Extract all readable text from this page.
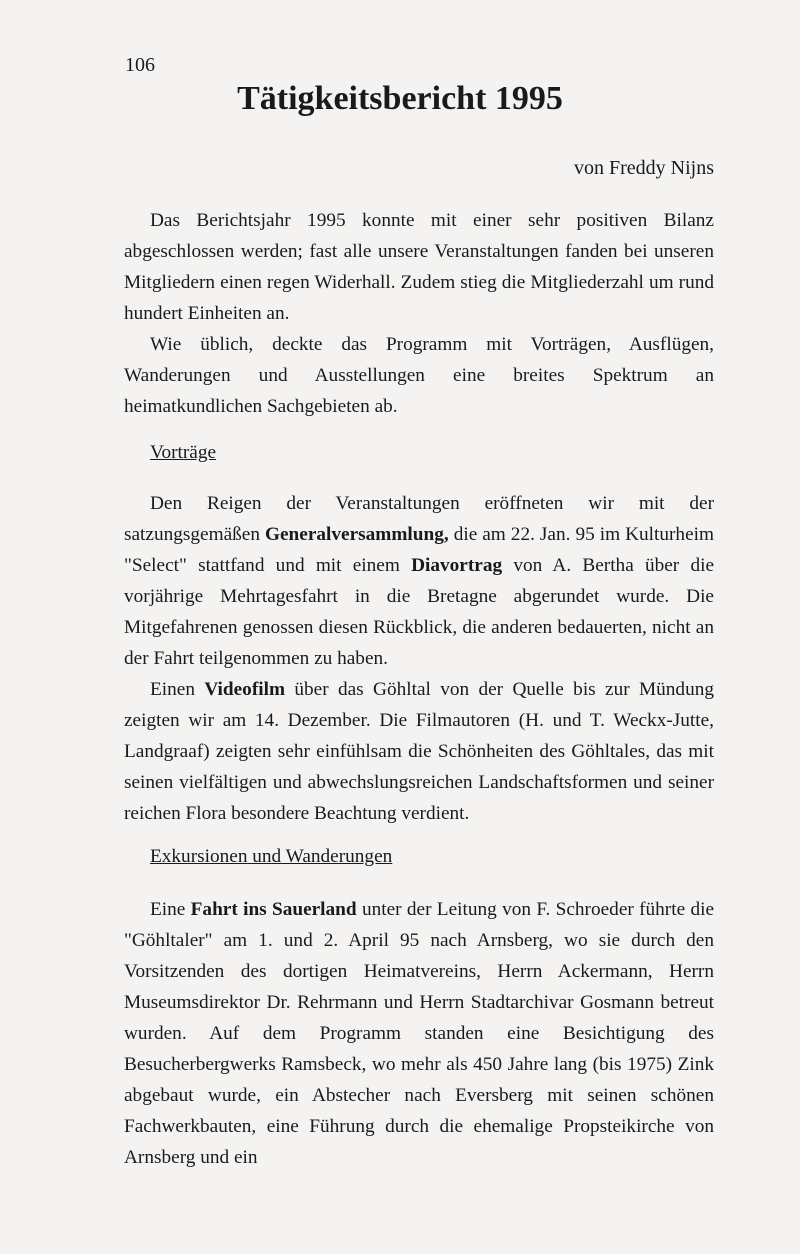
106
Tätigkeitsbericht 1995
von Freddy Nijns

Das Berichtsjahr 1995 konnte mit einer sehr positiven Bilanz abgeschlossen werden; fast alle unsere Veranstaltungen fanden bei unseren Mitgliedern einen regen Widerhall. Zudem stieg die Mitgliederzahl um rund hundert Einheiten an.

Wie üblich, deckte das Programm mit Vorträgen, Ausflügen, Wanderungen und Ausstellungen eine breites Spektrum an heimatkundlichen Sachgebieten ab.

Vorträge

Den Reigen der Veranstaltungen eröffneten wir mit der satzungsgemäßen Generalversammlung, die am 22. Jan. 95 im Kulturheim "Select" stattfand und mit einem Diavortrag von A. Bertha über die vorjährige Mehrtagesfahrt in die Bretagne abgerundet wurde. Die Mitgefahrenen genossen diesen Rückblick, die anderen bedauerten, nicht an der Fahrt teilgenommen zu haben.

Einen Videofilm über das Göhltal von der Quelle bis zur Mündung zeigten wir am 14. Dezember. Die Filmautoren (H. und T. Weckx-Jutte, Landgraaf) zeigten sehr einfühlsam die Schönheiten des Göhltales, das mit seinen vielfältigen und abwechslungsreichen Landschaftsformen und seiner reichen Flora besondere Beachtung verdient.

Exkursionen und Wanderungen

Eine Fahrt ins Sauerland unter der Leitung von F. Schroeder führte die "Göhltaler" am 1. und 2. April 95 nach Arnsberg, wo sie durch den Vorsitzenden des dortigen Heimatvereins, Herrn Ackermann, Herrn Museumsdirektor Dr. Rehrmann und Herrn Stadtarchivar Gosmann betreut wurden. Auf dem Programm standen eine Besichtigung des Besucherbergwerks Ramsbeck, wo mehr als 450 Jahre lang (bis 1975) Zink abgebaut wurde, ein Abstecher nach Eversberg mit seinen schönen Fachwerkbauten, eine Führung durch die ehemalige Propsteikirche von Arnsberg und ein
